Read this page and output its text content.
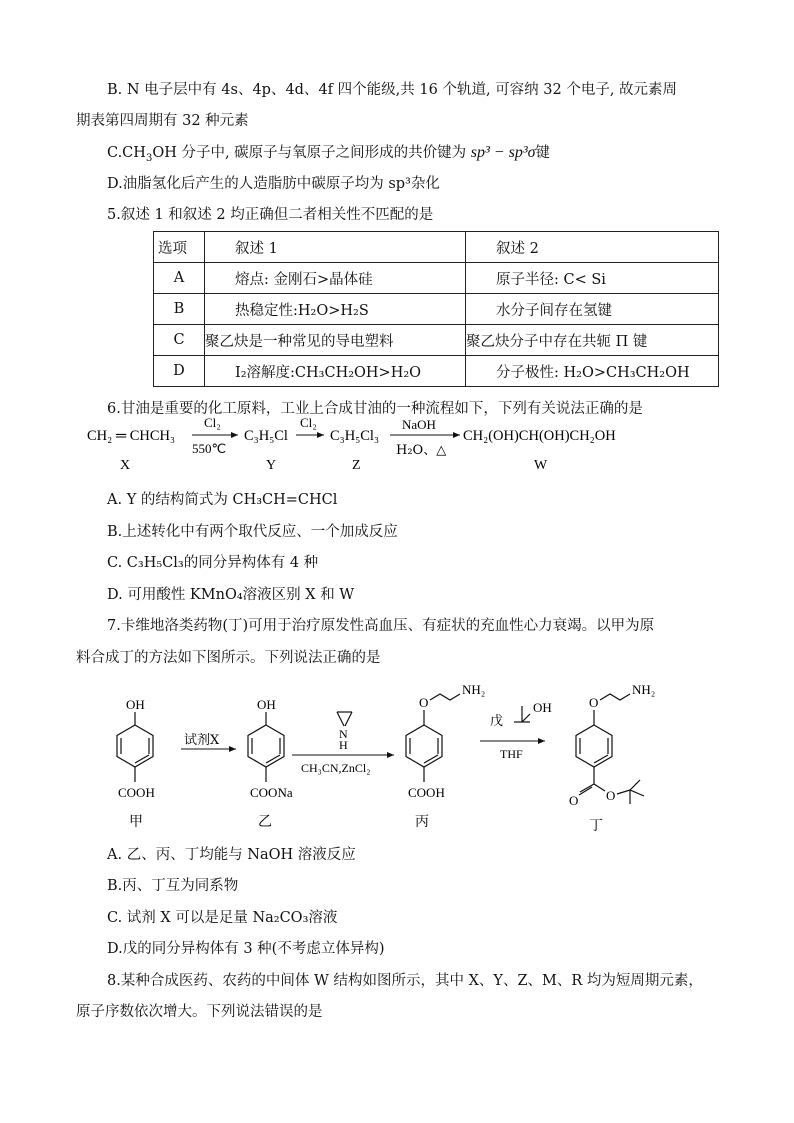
B. N 电子层中有 4s、4p、4d、4f 四个能级,共 16 个轨道, 可容纳 32 个电子, 故元素周
期表第四周期有 32 种元素
$C.CH_3OH$ 分子中, 碳原子与氧原子之间形成的共价键为 sp³ − sp³σ键
D.油脂氢化后产生的人造脂肪中碳原子均为 sp³杂化
5.叙述 1 和叙述 2 均正确但二者相关性不匹配的是
选项	叙述 1	叙述 2
A	熔点: 金刚石>晶体硅	原子半径: C< Si
B	热稳定性:H₂O>H₂S	水分子间存在氢键
C	聚乙炔是一种常见的导电塑料	聚乙炔分子中存在共轭 Π 键
D	I₂溶解度:CH₃CH₂OH>H₂O	分子极性: H₂O>CH₃CH₂OH
6.甘油是重要的化工原料，工业上合成甘油的一种流程如下，下列有关说法正确的是
CH₂ ═ CHCH₃
Cl₂
550℃
C₃H₅Cl
Cl₂
C₃H₅Cl₃
NaOH
H₂O、△
CH₂(OH)CH(OH)CH₂OH
X	Y	Z	W
A. Y 的结构简式为 CH₃CH=CHCl
B.上述转化中有两个取代反应、一个加成反应
C. C₃H₅Cl₃的同分异构体有 4 种
D. 可用酸性 KMnO₄溶液区别 X 和 W
7.卡维地洛类药物(丁)可用于治疗原发性高血压、有症状的充血性心力衰竭。以甲为原
料合成丁的方法如下图所示。下列说法正确的是
OH
COOH
甲
试剂X
OH
COONa
乙
N
H
CH₃CN,ZnCl₂
O
NH₂
COOH
丙
OH
戊
THF
O
NH₂
O O
丁
A. 乙、丙、丁均能与 NaOH 溶液反应
B.丙、丁互为同系物
C. 试剂 X 可以是足量 Na₂CO₃溶液
D.戊的同分异构体有 3 种(不考虑立体异构)
8.某种合成医药、农药的中间体 W 结构如图所示，其中 X、Y、Z、M、R 均为短周期元素，
原子序数依次增大。下列说法错误的是
